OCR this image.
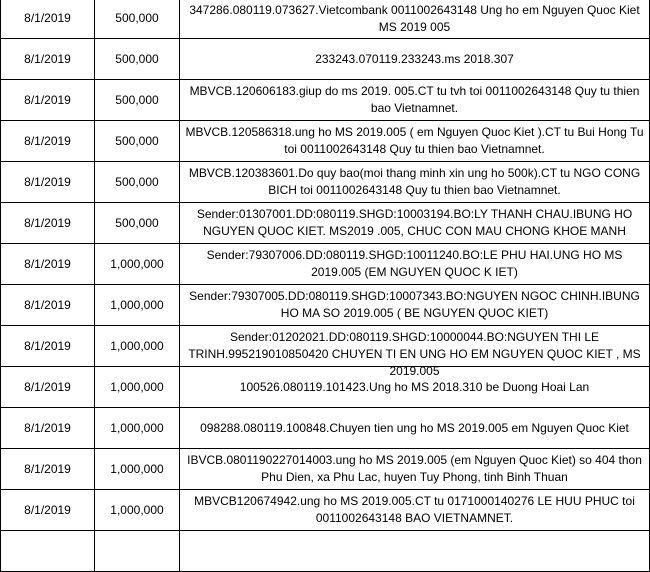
8/1/2019	500,000	347286.080119.073627.Vietcombank 0011002643148 Ung ho em Nguyen Quoc Kiet MS 2019 005

8/1/2019	500,000	233243.070119.233243.ms 2018.307

8/1/2019	500,000	MBVCB.120606183.giup do ms 2019. 005.CT tu tvh toi 0011002643148 Quy tu thien bao Vietnamnet.

8/1/2019	500,000	MBVCB.120586318.ung ho MS 2019.005 ( em Nguyen Quoc Kiet ).CT tu Bui Hong Tu toi 0011002643148 Quy tu thien bao Vietnamnet.

8/1/2019	500,000	MBVCB.120383601.Do quy bao(moi thang minh xin ung ho 500k).CT tu NGO CONG BICH toi 0011002643148 Quy tu thien bao Vietnamnet.

8/1/2019	500,000	Sender:01307001.DD:080119.SHGD:10003194.BO:LY THANH CHAU.IBUNG HO NGUYEN QUOC KIET. MS2019 .005, CHUC CON MAU CHONG KHOE MANH

8/1/2019	1,000,000	Sender:79307006.DD:080119.SHGD:10011240.BO:LE PHU HAI.UNG HO MS 2019.005 (EM NGUYEN QUOC K IET)

8/1/2019	1,000,000	Sender:79307005.DD:080119.SHGD:10007343.BO:NGUYEN NGOC CHINH.IBUNG HO MA SO 2019.005 ( BE NGUYEN QUOC KIET)

8/1/2019	1,000,000	Sender:01202021.DD:080119.SHGD:10000044.BO:NGUYEN THI LE TRINH.995219010850420 CHUYEN TI EN UNG HO EM NGUYEN QUOC KIET , MS 2019.005

8/1/2019	1,000,000	100526.080119.101423.Ung ho MS 2018.310 be Duong Hoai Lan

8/1/2019	1,000,000	098288.080119.100848.Chuyen tien ung ho MS 2019.005 em Nguyen Quoc Kiet

8/1/2019	1,000,000	IBVCB.0801190227014003.ung ho MS 2019.005 (em Nguyen Quoc Kiet) so 404 thon Phu Dien, xa Phu Lac, huyen Tuy Phong, tinh Binh Thuan

8/1/2019	1,000,000	MBVCB120674942.ung ho MS 2019.005.CT tu 0171000140276 LE HUU PHUC toi 0011002643148 BAO VIETNAMNET.
